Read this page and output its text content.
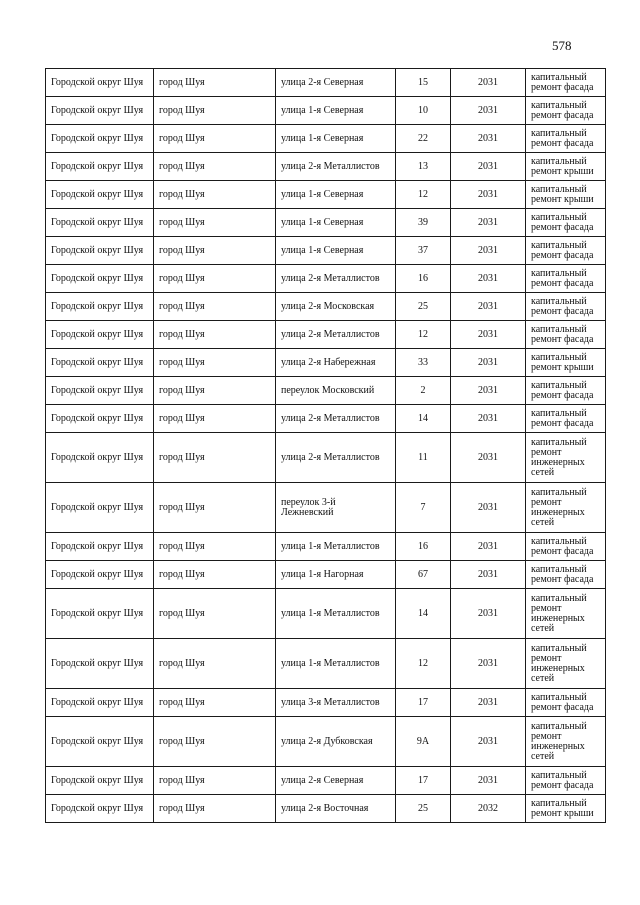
578
Городской округ Шуя	город Шуя	улица 2-я Северная	15	2031	капитальный ремонт фасада
Городской округ Шуя	город Шуя	улица 1-я Северная	10	2031	капитальный ремонт фасада
Городской округ Шуя	город Шуя	улица 1-я Северная	22	2031	капитальный ремонт фасада
Городской округ Шуя	город Шуя	улица 2-я Металлистов	13	2031	капитальный ремонт крыши
Городской округ Шуя	город Шуя	улица 1-я Северная	12	2031	капитальный ремонт крыши
Городской округ Шуя	город Шуя	улица 1-я Северная	39	2031	капитальный ремонт фасада
Городской округ Шуя	город Шуя	улица 1-я Северная	37	2031	капитальный ремонт фасада
Городской округ Шуя	город Шуя	улица 2-я Металлистов	16	2031	капитальный ремонт фасада
Городской округ Шуя	город Шуя	улица 2-я Московская	25	2031	капитальный ремонт фасада
Городской округ Шуя	город Шуя	улица 2-я Металлистов	12	2031	капитальный ремонт фасада
Городской округ Шуя	город Шуя	улица 2-я Набережная	33	2031	капитальный ремонт крыши
Городской округ Шуя	город Шуя	переулок Московский	2	2031	капитальный ремонт фасада
Городской округ Шуя	город Шуя	улица 2-я Металлистов	14	2031	капитальный ремонт фасада
Городской округ Шуя	город Шуя	улица 2-я Металлистов	11	2031	капитальный ремонт инженерных сетей
Городской округ Шуя	город Шуя	переулок 3-й Лежневский	7	2031	капитальный ремонт инженерных сетей
Городской округ Шуя	город Шуя	улица 1-я Металлистов	16	2031	капитальный ремонт фасада
Городской округ Шуя	город Шуя	улица 1-я Нагорная	67	2031	капитальный ремонт фасада
Городской округ Шуя	город Шуя	улица 1-я Металлистов	14	2031	капитальный ремонт инженерных сетей
Городской округ Шуя	город Шуя	улица 1-я Металлистов	12	2031	капитальный ремонт инженерных сетей
Городской округ Шуя	город Шуя	улица 3-я Металлистов	17	2031	капитальный ремонт фасада
Городской округ Шуя	город Шуя	улица 2-я Дубковская	9А	2031	капитальный ремонт инженерных сетей
Городской округ Шуя	город Шуя	улица 2-я Северная	17	2031	капитальный ремонт фасада
Городской округ Шуя	город Шуя	улица 2-я Восточная	25	2032	капитальный ремонт крыши
